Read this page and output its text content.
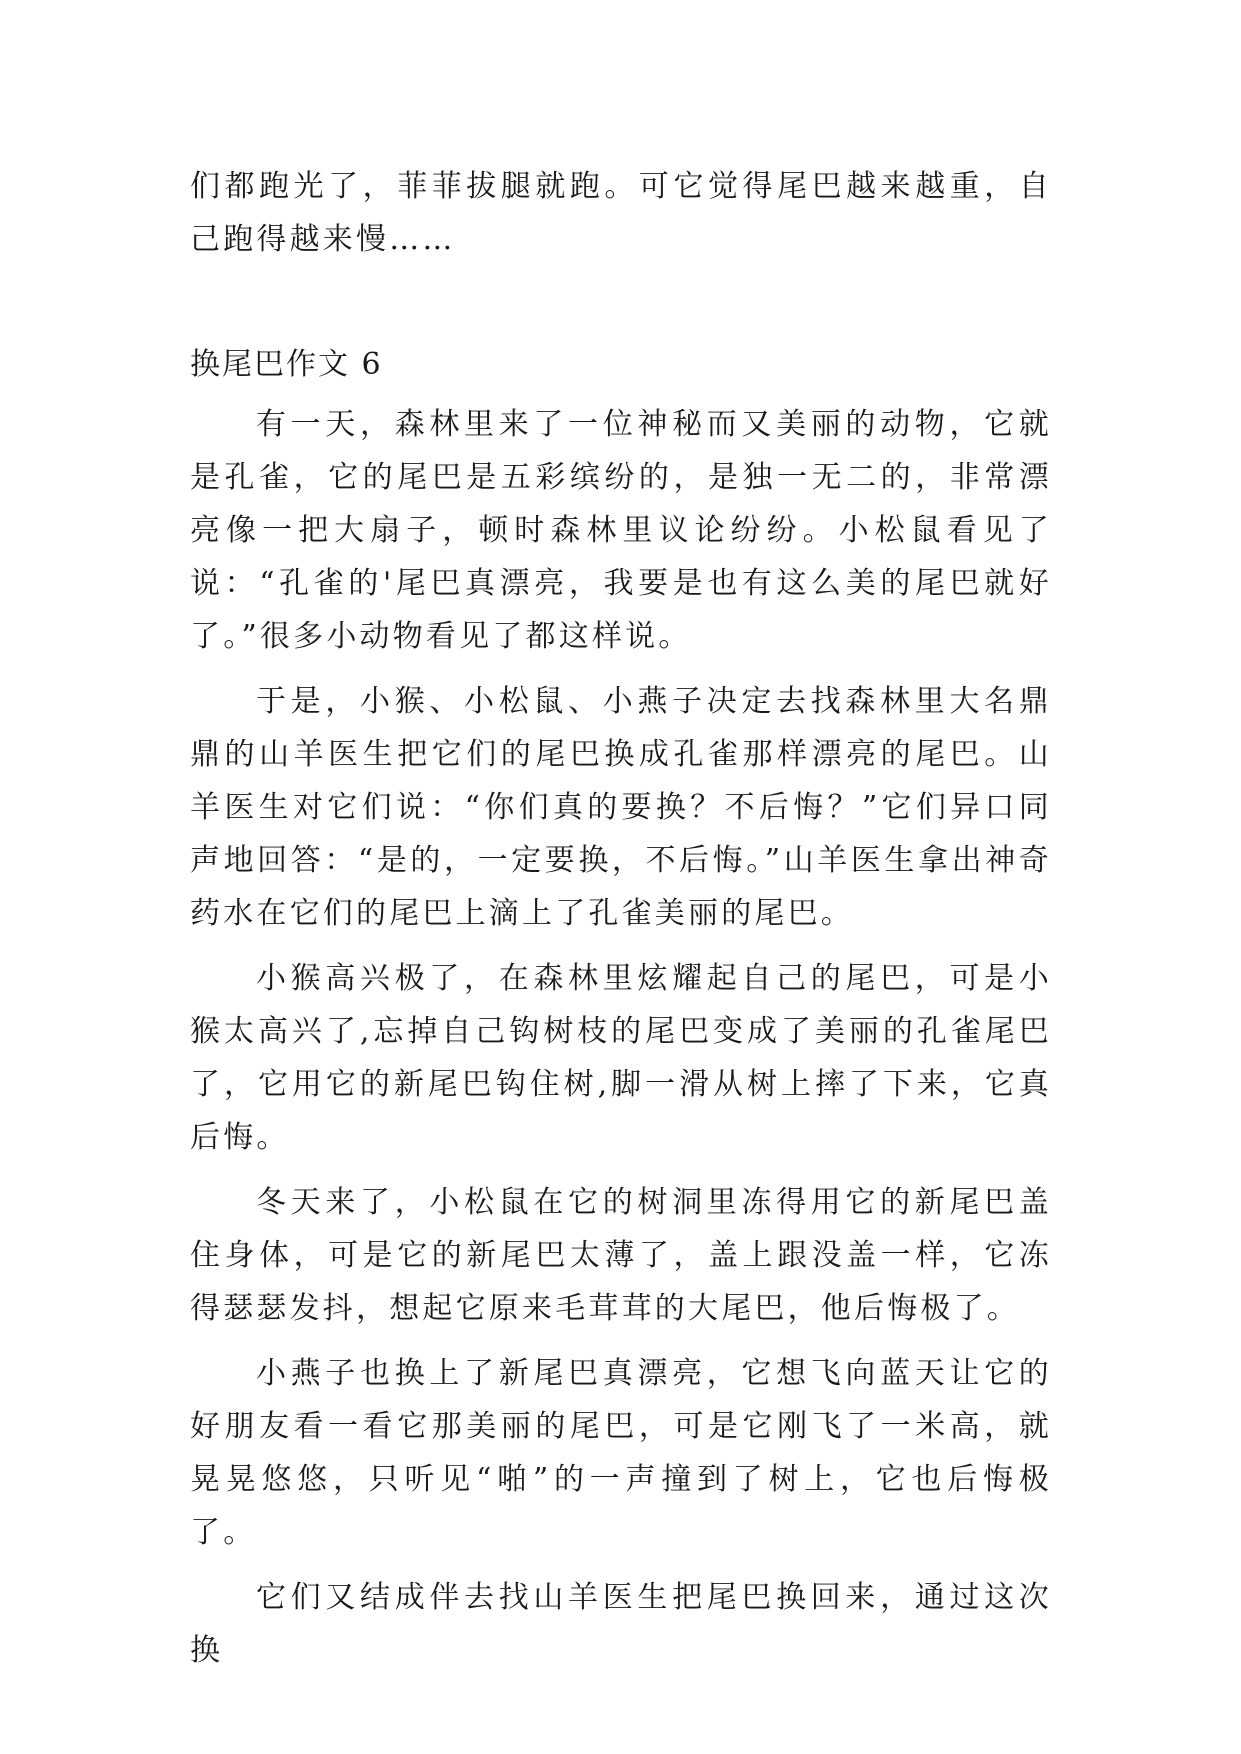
们都跑光了，菲菲拔腿就跑。可它觉得尾巴越来越重，自己跑得越来慢……

换尾巴作文 6

有一天，森林里来了一位神秘而又美丽的动物，它就是孔雀，它的尾巴是五彩缤纷的，是独一无二的，非常漂亮像一把大扇子，顿时森林里议论纷纷。小松鼠看见了说：“孔雀的'尾巴真漂亮，我要是也有这么美的尾巴就好了。”很多小动物看见了都这样说。

于是，小猴、小松鼠、小燕子决定去找森林里大名鼎鼎的山羊医生把它们的尾巴换成孔雀那样漂亮的尾巴。山羊医生对它们说：“你们真的要换？不后悔？”它们异口同声地回答：“是的，一定要换，不后悔。”山羊医生拿出神奇药水在它们的尾巴上滴上了孔雀美丽的尾巴。

小猴高兴极了，在森林里炫耀起自己的尾巴，可是小猴太高兴了,忘掉自己钩树枝的尾巴变成了美丽的孔雀尾巴了，它用它的新尾巴钩住树,脚一滑从树上摔了下来，它真后悔。

冬天来了，小松鼠在它的树洞里冻得用它的新尾巴盖住身体，可是它的新尾巴太薄了，盖上跟没盖一样，它冻得瑟瑟发抖，想起它原来毛茸茸的大尾巴，他后悔极了。

小燕子也换上了新尾巴真漂亮，它想飞向蓝天让它的好朋友看一看它那美丽的尾巴，可是它刚飞了一米高，就晃晃悠悠，只听见“啪”的一声撞到了树上，它也后悔极了。

它们又结成伴去找山羊医生把尾巴换回来，通过这次换
